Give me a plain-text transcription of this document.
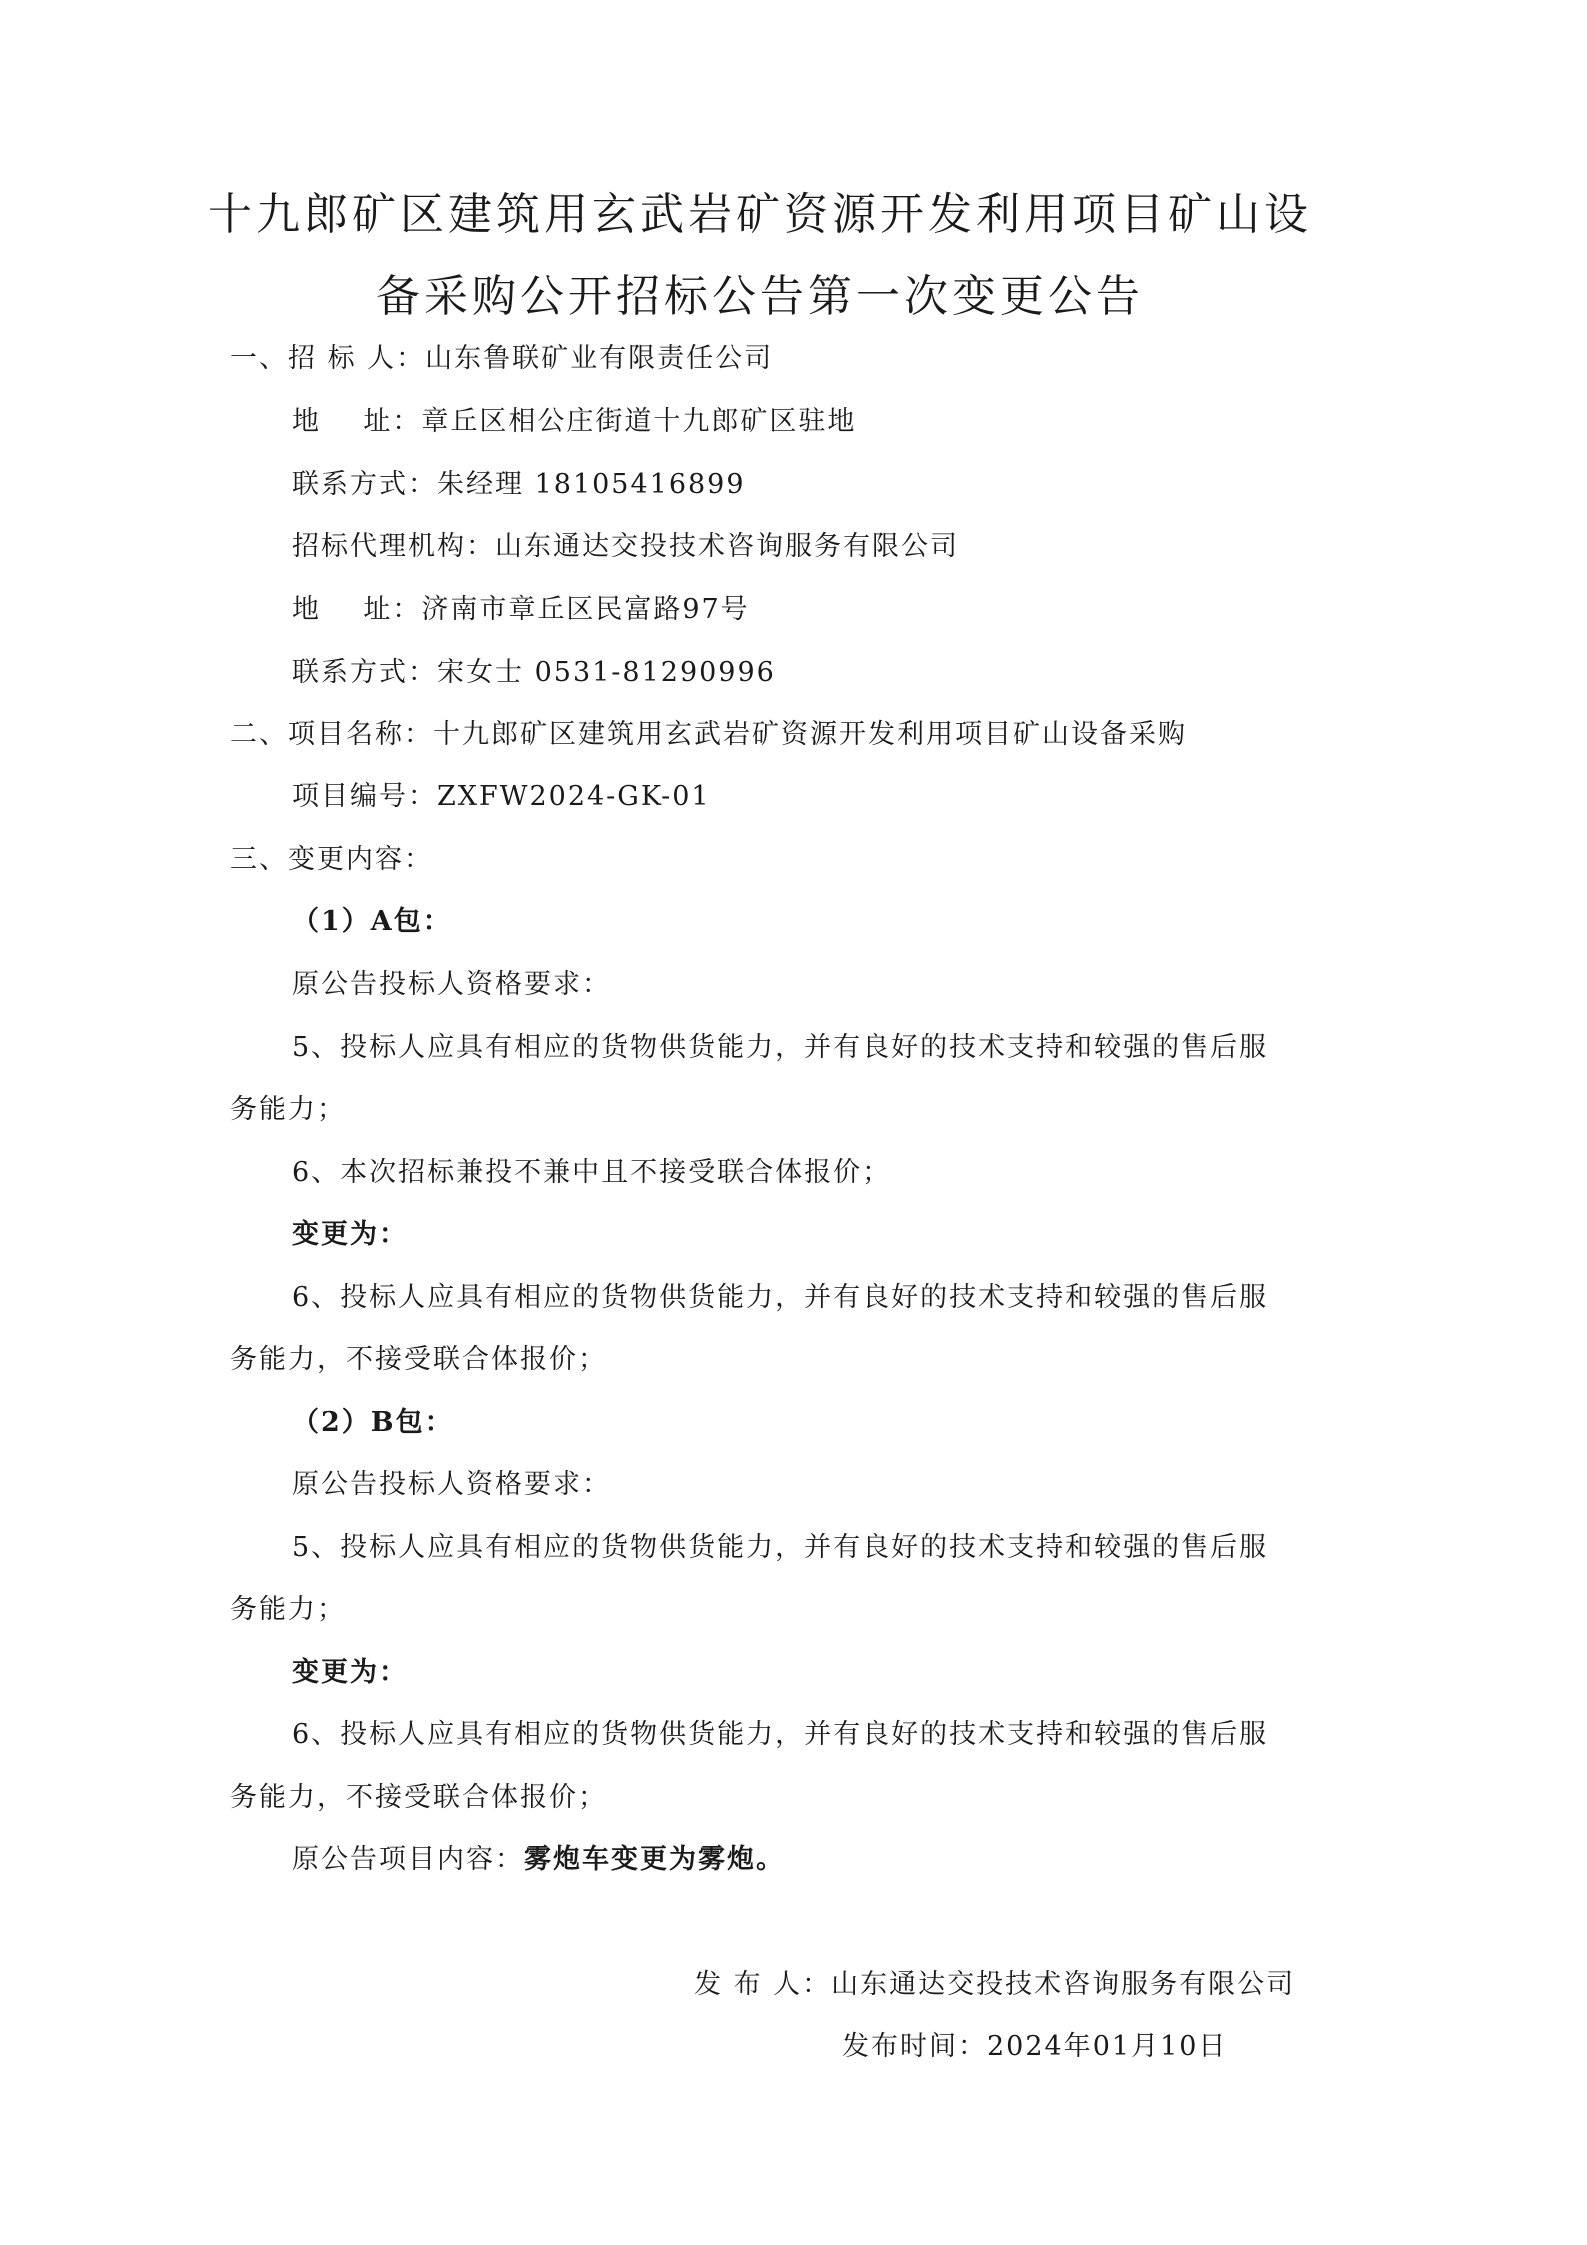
十九郎矿区建筑用玄武岩矿资源开发利用项目矿山设
备采购公开招标公告第一次变更公告
一、招 标 人：山东鲁联矿业有限责任公司
地    址：章丘区相公庄街道十九郎矿区驻地
联系方式：朱经理 18105416899
招标代理机构：山东通达交投技术咨询服务有限公司
地    址：济南市章丘区民富路97号
联系方式：宋女士 0531-81290996
二、项目名称：十九郎矿区建筑用玄武岩矿资源开发利用项目矿山设备采购
项目编号：ZXFW2024-GK-01
三、变更内容：
（1）A包：
原公告投标人资格要求：
5、投标人应具有相应的货物供货能力，并有良好的技术支持和较强的售后服
务能力；
6、本次招标兼投不兼中且不接受联合体报价；
变更为：
6、投标人应具有相应的货物供货能力，并有良好的技术支持和较强的售后服
务能力，不接受联合体报价；
（2）B包：
原公告投标人资格要求：
5、投标人应具有相应的货物供货能力，并有良好的技术支持和较强的售后服
务能力；
变更为：
6、投标人应具有相应的货物供货能力，并有良好的技术支持和较强的售后服
务能力，不接受联合体报价；
原公告项目内容：雾炮车变更为雾炮。
发 布 人：山东通达交投技术咨询服务有限公司
发布时间：2024年01月10日
